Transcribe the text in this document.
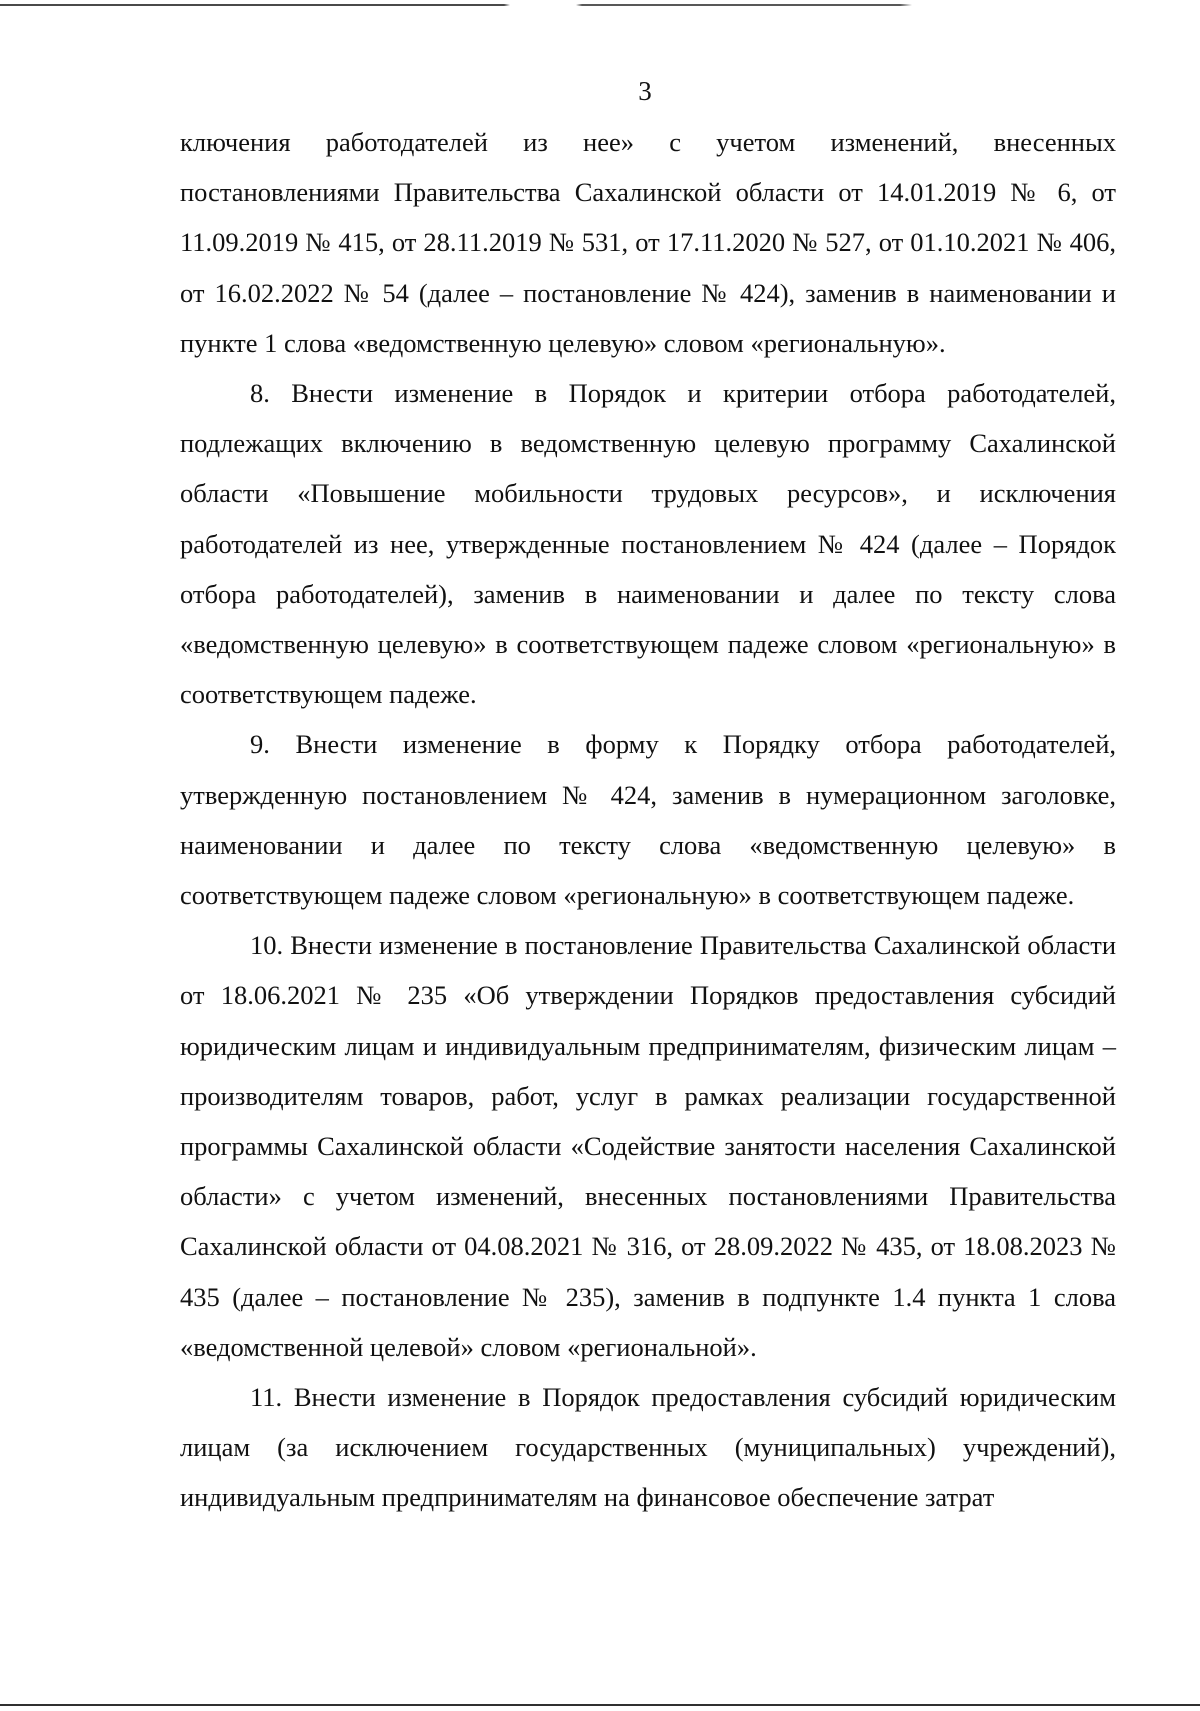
3

ключения работодателей из нее» с учетом изменений, внесенных постановлениями Правительства Сахалинской области от 14.01.2019 № 6, от 11.09.2019 № 415, от 28.11.2019 № 531, от 17.11.2020 № 527, от 01.10.2021 № 406, от 16.02.2022 № 54 (далее – постановление № 424), заменив в наименовании и пункте 1 слова «ведомственную целевую» словом «региональную».

8. Внести изменение в Порядок и критерии отбора работодателей, подлежащих включению в ведомственную целевую программу Сахалинской области «Повышение мобильности трудовых ресурсов», и исключения работодателей из нее, утвержденные постановлением № 424 (далее – Порядок отбора работодателей), заменив в наименовании и далее по тексту слова «ведомственную целевую» в соответствующем падеже словом «региональную» в соответствующем падеже.

9. Внести изменение в форму к Порядку отбора работодателей, утвержденную постановлением № 424, заменив в нумерационном заголовке, наименовании и далее по тексту слова «ведомственную целевую» в соответствующем падеже словом «региональную» в соответствующем падеже.

10. Внести изменение в постановление Правительства Сахалинской области от 18.06.2021 № 235 «Об утверждении Порядков предоставления субсидий юридическим лицам и индивидуальным предпринимателям, физическим лицам – производителям товаров, работ, услуг в рамках реализации государственной программы Сахалинской области «Содействие занятости населения Сахалинской области» с учетом изменений, внесенных постановлениями Правительства Сахалинской области от 04.08.2021 № 316, от 28.09.2022 № 435, от 18.08.2023 № 435 (далее – постановление № 235), заменив в подпункте 1.4 пункта 1 слова «ведомственной целевой» словом «региональной».

11. Внести изменение в Порядок предоставления субсидий юридическим лицам (за исключением государственных (муниципальных) учреждений), индивидуальным предпринимателям на финансовое обеспечение затрат
